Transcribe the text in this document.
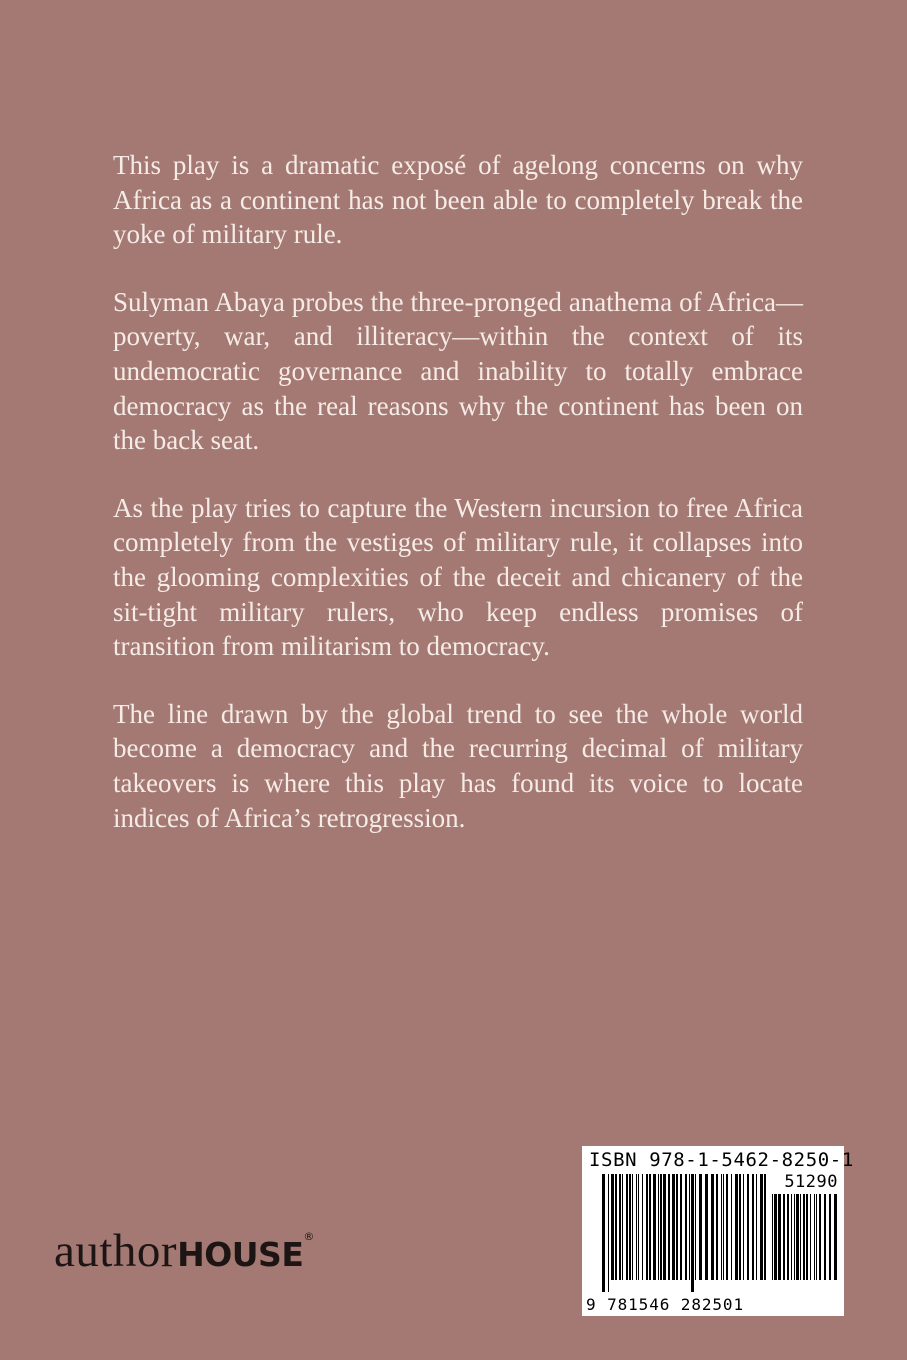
This play is a dramatic exposé of agelong concerns on why Africa as a continent has not been able to completely break the yoke of military rule.

Sulyman Abaya probes the three-pronged anathema of Africa—poverty, war, and illiteracy—within the context of its undemocratic governance and inability to totally embrace democracy as the real reasons why the continent has been on the back seat.

As the play tries to capture the Western incursion to free Africa completely from the vestiges of military rule, it collapses into the glooming complexities of the deceit and chicanery of the sit-tight military rulers, who keep endless promises of transition from militarism to democracy.

The line drawn by the global trend to see the whole world become a democracy and the recurring decimal of military takeovers is where this play has found its voice to locate indices of Africa’s retrogression.

authorHOUSE®
ISBN 978-1-5462-8250-1
51290
9 781546 282501
